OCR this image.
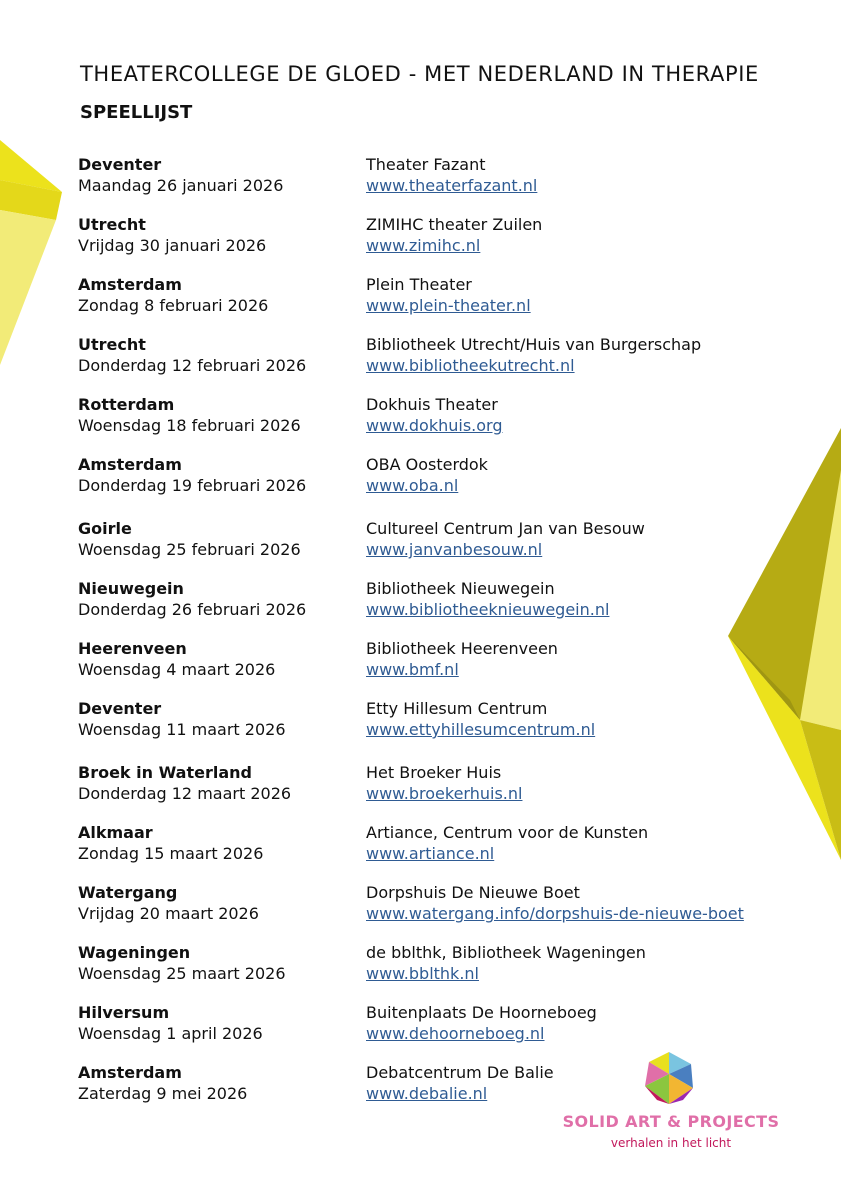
THEATERCOLLEGE DE GLOED - MET NEDERLAND IN THERAPIE
SPEELLIJST
Deventer
Maandag 26 januari 2026
Theater Fazant
www.theaterfazant.nl
Utrecht
Vrijdag 30 januari 2026
ZIMIHC theater Zuilen
www.zimihc.nl
Amsterdam
Zondag 8 februari 2026
Plein Theater
www.plein-theater.nl
Utrecht
Donderdag 12 februari 2026
Bibliotheek Utrecht/Huis van Burgerschap
www.bibliotheekutrecht.nl
Rotterdam
Woensdag 18 februari 2026
Dokhuis Theater
www.dokhuis.org
Amsterdam
Donderdag 19 februari 2026
OBA Oosterdok
www.oba.nl
Goirle
Woensdag 25 februari 2026
Cultureel Centrum Jan van Besouw
www.janvanbesouw.nl
Nieuwegein
Donderdag 26 februari 2026
Bibliotheek Nieuwegein
www.bibliotheeknieuwegein.nl
Heerenveen
Woensdag 4 maart 2026
Bibliotheek Heerenveen
www.bmf.nl
Deventer
Woensdag 11 maart 2026
Etty Hillesum Centrum
www.ettyhillesumcentrum.nl
Broek in Waterland
Donderdag 12 maart 2026
Het Broeker Huis
www.broekerhuis.nl
Alkmaar
Zondag 15 maart 2026
Artiance, Centrum voor de Kunsten
www.artiance.nl
Watergang
Vrijdag 20 maart 2026
Dorpshuis De Nieuwe Boet
www.watergang.info/dorpshuis-de-nieuwe-boet
Wageningen
Woensdag 25 maart 2026
de bblthk, Bibliotheek Wageningen
www.bblthk.nl
Hilversum
Woensdag 1 april 2026
Buitenplaats De Hoorneboeg
www.dehoorneboeg.nl
Amsterdam
Zaterdag 9 mei 2026
Debatcentrum De Balie
www.debalie.nl
SOLID ART & PROJECTS
verhalen in het licht
